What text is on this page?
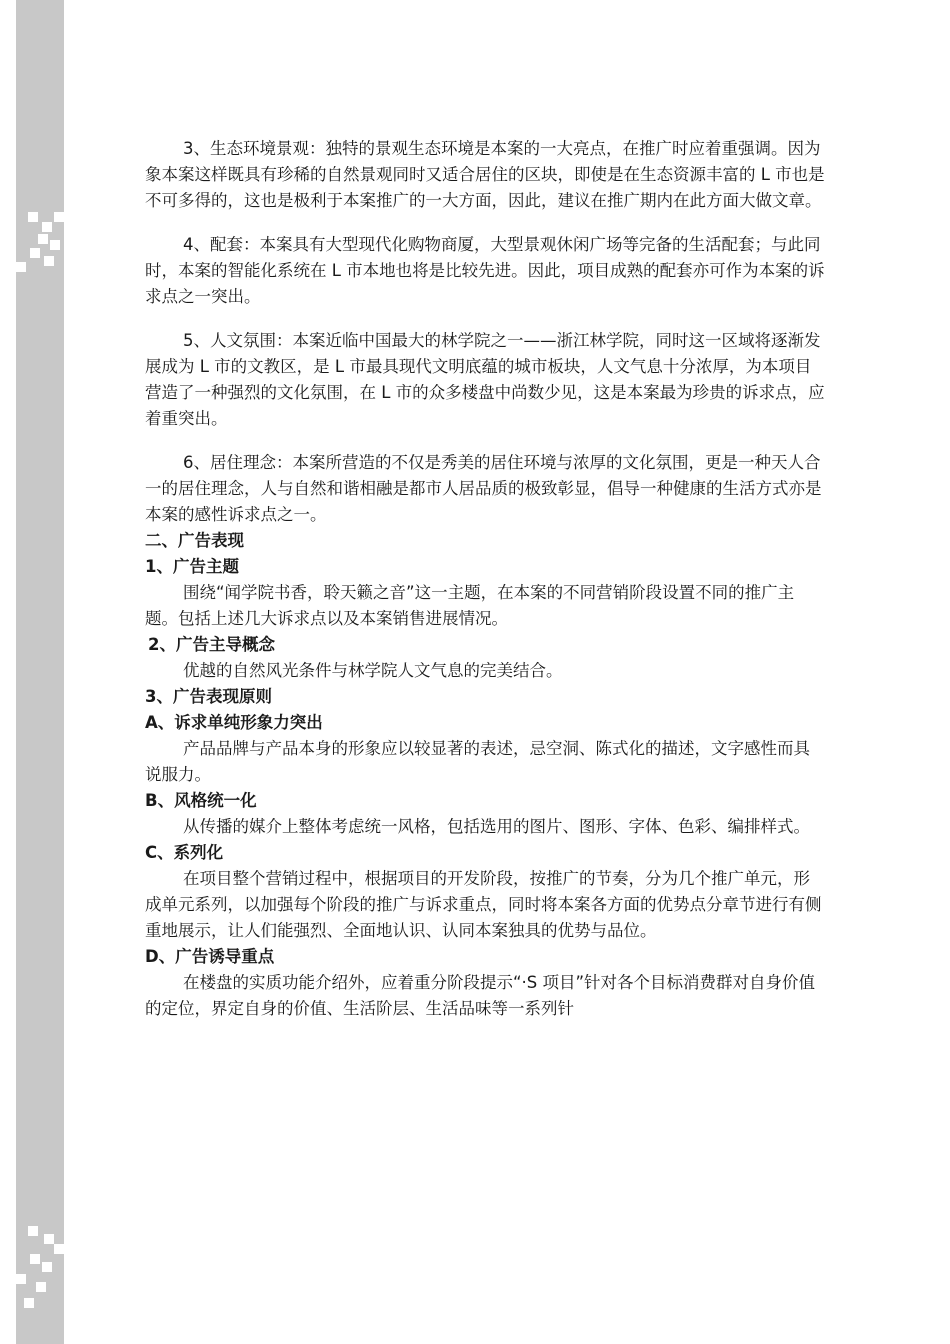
3、生态环境景观：独特的景观生态环境是本案的一大亮点，在推广时应着重强调。因为象本案这样既具有珍稀的自然景观同时又适合居住的区块，即使是在生态资源丰富的 L 市也是不可多得的，这也是极利于本案推广的一大方面，因此，建议在推广期内在此方面大做文章。

4、配套：本案具有大型现代化购物商厦，大型景观休闲广场等完备的生活配套；与此同时，本案的智能化系统在 L 市本地也将是比较先进。因此，项目成熟的配套亦可作为本案的诉求点之一突出。

5、人文氛围：本案近临中国最大的林学院之一——浙江林学院，同时这一区域将逐渐发展成为 L 市的文教区，是 L 市最具现代文明底蕴的城市板块，人文气息十分浓厚，为本项目营造了一种强烈的文化氛围，在 L 市的众多楼盘中尚数少见，这是本案最为珍贵的诉求点，应着重突出。

6、居住理念：本案所营造的不仅是秀美的居住环境与浓厚的文化氛围，更是一种天人合一的居住理念，人与自然和谐相融是都市人居品质的极致彰显，倡导一种健康的生活方式亦是本案的感性诉求点之一。

二、广告表现

1、广告主题

围绕“闻学院书香，聆天籁之音”这一主题，在本案的不同营销阶段设置不同的推广主题。包括上述几大诉求点以及本案销售进展情况。

2、广告主导概念

优越的自然风光条件与林学院人文气息的完美结合。

3、广告表现原则

A、诉求单纯形象力突出

产品品牌与产品本身的形象应以较显著的表述，忌空洞、陈式化的描述，文字感性而具说服力。

B、风格统一化

从传播的媒介上整体考虑统一风格，包括选用的图片、图形、字体、色彩、编排样式。

C、系列化

在项目整个营销过程中，根据项目的开发阶段，按推广的节奏，分为几个推广单元，形成单元系列，以加强每个阶段的推广与诉求重点，同时将本案各方面的优势点分章节进行有侧重地展示，让人们能强烈、全面地认识、认同本案独具的优势与品位。

D、广告诱导重点

在楼盘的实质功能介绍外，应着重分阶段提示“·S 项目”针对各个目标消费群对自身价值的定位，界定自身的价值、生活阶层、生活品味等一系列针
